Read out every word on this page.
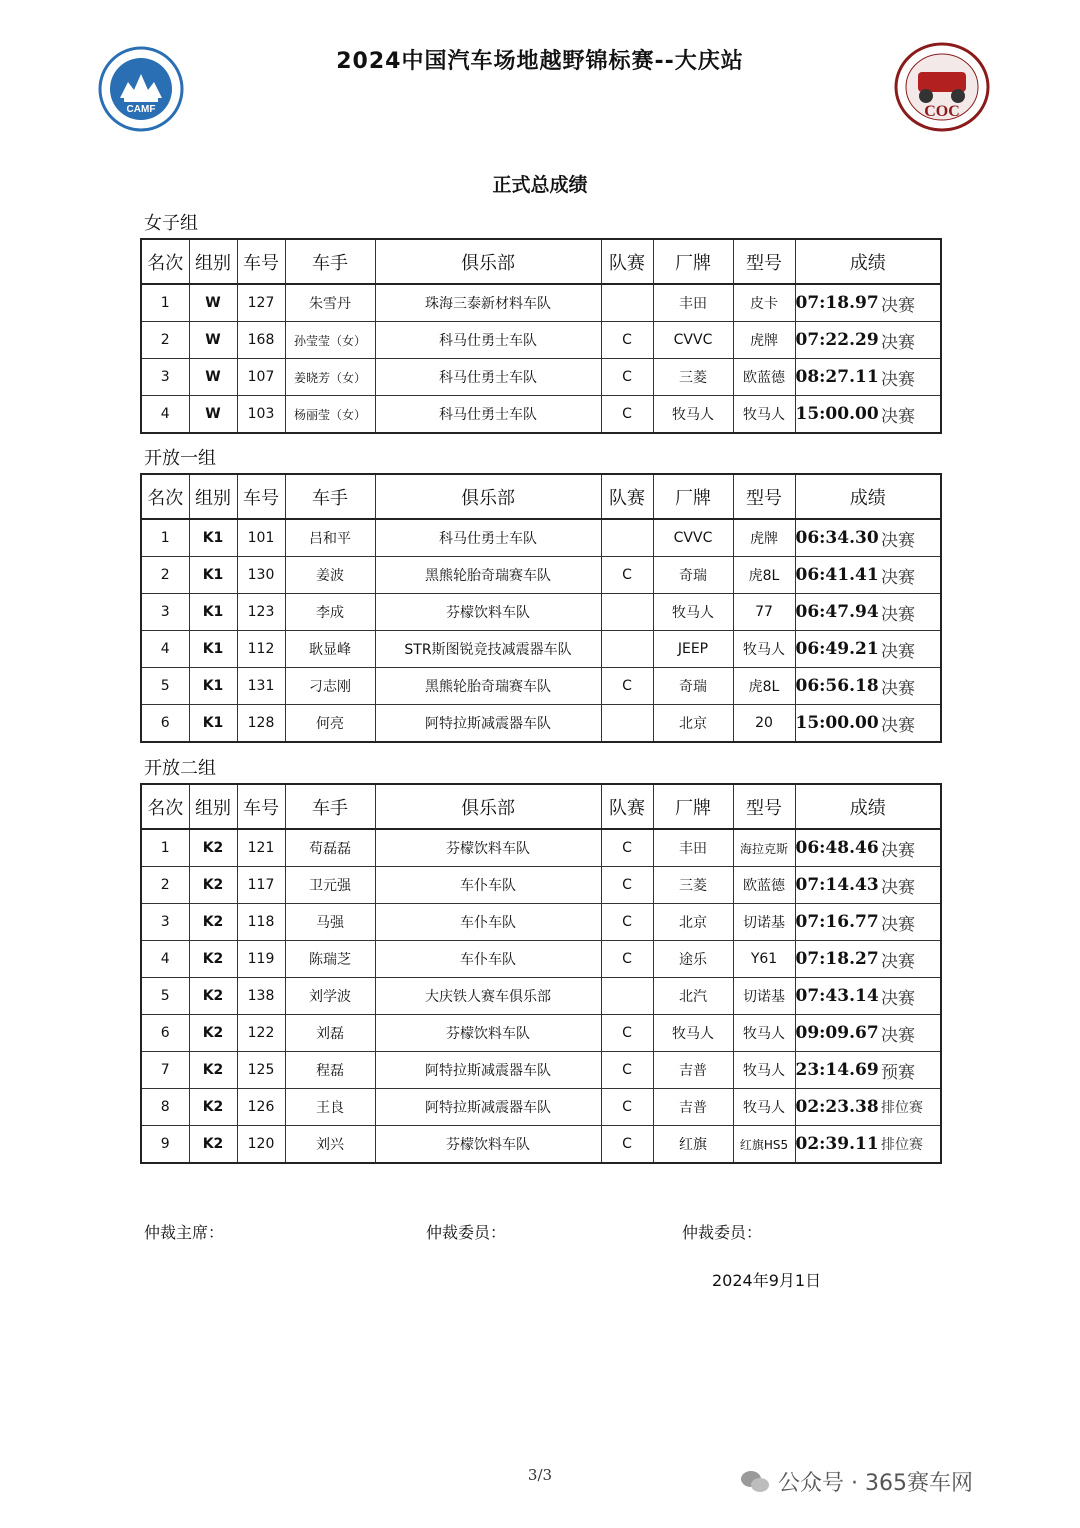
CAMF	COC
2024中国汽车场地越野锦标赛--大庆站
正式总成绩
女子组
名次	组别	车号	车手	俱乐部	队赛	厂牌	型号	成绩	
1	W	127	朱雪丹	珠海三泰新材料车队		丰田	皮卡	07:18.97	决赛
2	W	168	孙莹莹（女）	科马仕勇士车队	C	CVVC	虎牌	07:22.29	决赛
3	W	107	姜晓芳（女）	科马仕勇士车队	C	三菱	欧蓝德	08:27.11	决赛
4	W	103	杨丽莹（女）	科马仕勇士车队	C	牧马人	牧马人	15:00.00	决赛
开放一组
名次	组别	车号	车手	俱乐部	队赛	厂牌	型号	成绩	
1	K1	101	吕和平	科马仕勇士车队		CVVC	虎牌	06:34.30	决赛
2	K1	130	姜波	黑熊轮胎奇瑞赛车队	C	奇瑞	虎8L	06:41.41	决赛
3	K1	123	李成	芬檬饮料车队		牧马人	77	06:47.94	决赛
4	K1	112	耿显峰	STR斯图锐竞技减震器车队		JEEP	牧马人	06:49.21	决赛
5	K1	131	刁志刚	黑熊轮胎奇瑞赛车队	C	奇瑞	虎8L	06:56.18	决赛
6	K1	128	何亮	阿特拉斯减震器车队		北京	20	15:00.00	决赛
开放二组
名次	组别	车号	车手	俱乐部	队赛	厂牌	型号	成绩	
1	K2	121	苟磊磊	芬檬饮料车队	C	丰田	海拉克斯	06:48.46	决赛
2	K2	117	卫元强	车仆车队	C	三菱	欧蓝德	07:14.43	决赛
3	K2	118	马强	车仆车队	C	北京	切诺基	07:16.77	决赛
4	K2	119	陈瑞芝	车仆车队	C	途乐	Y61	07:18.27	决赛
5	K2	138	刘学波	大庆铁人赛车俱乐部		北汽	切诺基	07:43.14	决赛
6	K2	122	刘磊	芬檬饮料车队	C	牧马人	牧马人	09:09.67	决赛
7	K2	125	程磊	阿特拉斯减震器车队	C	吉普	牧马人	23:14.69	预赛
8	K2	126	王良	阿特拉斯减震器车队	C	吉普	牧马人	02:23.38	排位赛
9	K2	120	刘兴	芬檬饮料车队	C	红旗	红旗HS5	02:39.11	排位赛
仲裁主席：	仲裁委员：	仲裁委员：
2024年9月1日
3/3	公众号 · 365赛车网
